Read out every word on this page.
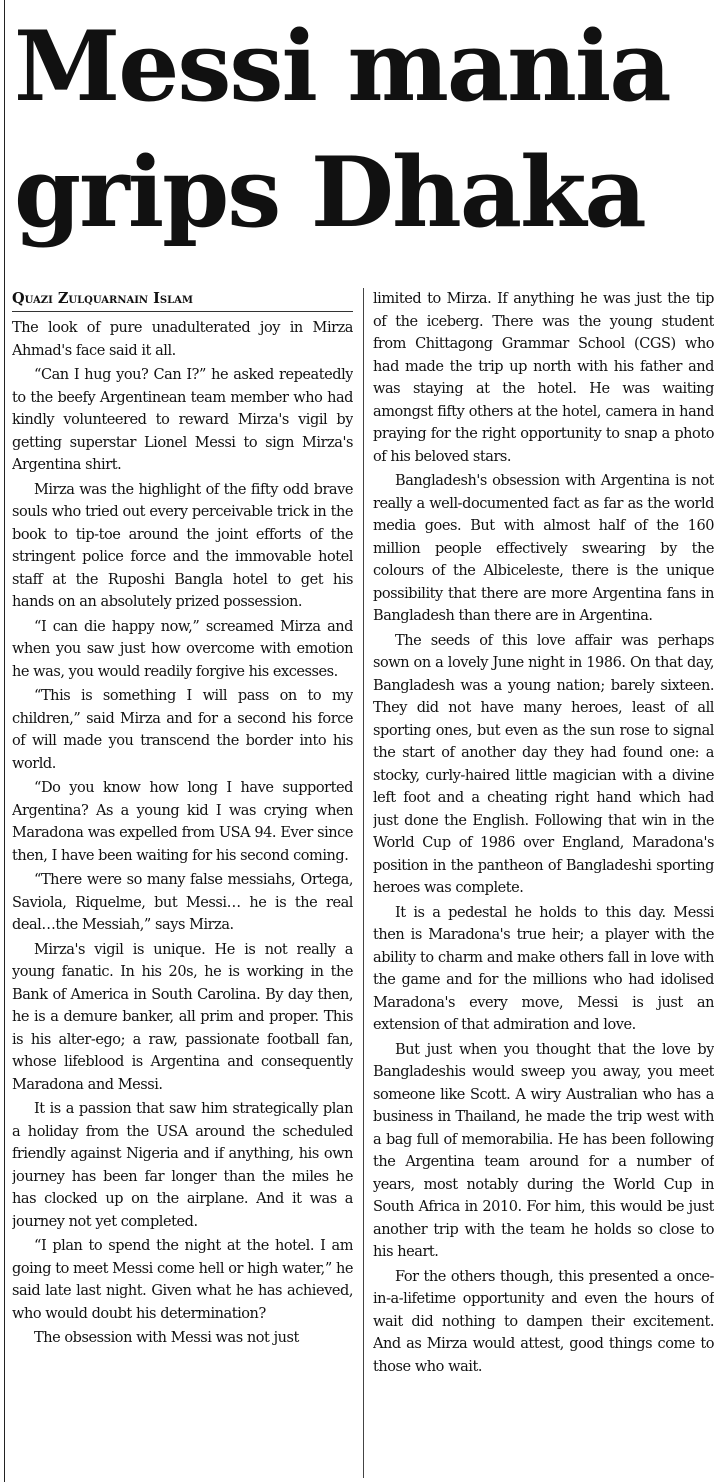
Messi mania
grips Dhaka
Quazi Zulquarnain Islam

The look of pure unadulterated joy in Mirza Ahmad's face said it all.

“Can I hug you? Can I?” he asked repeatedly to the beefy Argentinean team member who had kindly volunteered to reward Mirza's vigil by getting superstar Lionel Messi to sign Mirza's Argentina shirt.

Mirza was the highlight of the fifty odd brave souls who tried out every perceivable trick in the book to tip-toe around the joint efforts of the stringent police force and the immovable hotel staff at the Ruposhi Bangla hotel to get his hands on an absolutely prized possession.

“I can die happy now,” screamed Mirza and when you saw just how overcome with emotion he was, you would readily forgive his excesses.

“This is something I will pass on to my children,” said Mirza and for a second his force of will made you transcend the border into his world.

“Do you know how long I have supported Argentina? As a young kid I was crying when Maradona was expelled from USA 94. Ever since then, I have been waiting for his second coming.

“There were so many false messiahs, Ortega, Saviola, Riquelme, but Messi… he is the real deal…the Messiah,” says Mirza.

Mirza's vigil is unique. He is not really a young fanatic. In his 20s, he is working in the Bank of America in South Carolina. By day then, he is a demure banker, all prim and proper. This is his alter-ego; a raw, passionate football fan, whose lifeblood is Argentina and consequently Maradona and Messi.

It is a passion that saw him strategically plan a holiday from the USA around the scheduled friendly against Nigeria and if anything, his own journey has been far longer than the miles he has clocked up on the airplane. And it was a journey not yet completed.

“I plan to spend the night at the hotel. I am going to meet Messi come hell or high water,” he said late last night. Given what he has achieved, who would doubt his determination?

The obsession with Messi was not just

limited to Mirza. If anything he was just the tip of the iceberg. There was the young student from Chittagong Grammar School (CGS) who had made the trip up north with his father and was staying at the hotel. He was waiting amongst fifty others at the hotel, camera in hand praying for the right opportunity to snap a photo of his beloved stars.

Bangladesh's obsession with Argentina is not really a well-documented fact as far as the world media goes. But with almost half of the 160 million people effectively swearing by the colours of the Albiceleste, there is the unique possibility that there are more Argentina fans in Bangladesh than there are in Argentina.

The seeds of this love affair was perhaps sown on a lovely June night in 1986. On that day, Bangladesh was a young nation; barely sixteen. They did not have many heroes, least of all sporting ones, but even as the sun rose to signal the start of another day they had found one: a stocky, curly-haired little magician with a divine left foot and a cheating right hand which had just done the English. Following that win in the World Cup of 1986 over England, Maradona's position in the pantheon of Bangladeshi sporting heroes was complete.

It is a pedestal he holds to this day. Messi then is Maradona's true heir; a player with the ability to charm and make others fall in love with the game and for the millions who had idolised Maradona's every move, Messi is just an extension of that admiration and love.

But just when you thought that the love by Bangladeshis would sweep you away, you meet someone like Scott. A wiry Australian who has a business in Thailand, he made the trip west with a bag full of memorabilia. He has been following the Argentina team around for a number of years, most notably during the World Cup in South Africa in 2010. For him, this would be just another trip with the team he holds so close to his heart.

For the others though, this presented a once-in-a-lifetime opportunity and even the hours of wait did nothing to dampen their excitement. And as Mirza would attest, good things come to those who wait.
